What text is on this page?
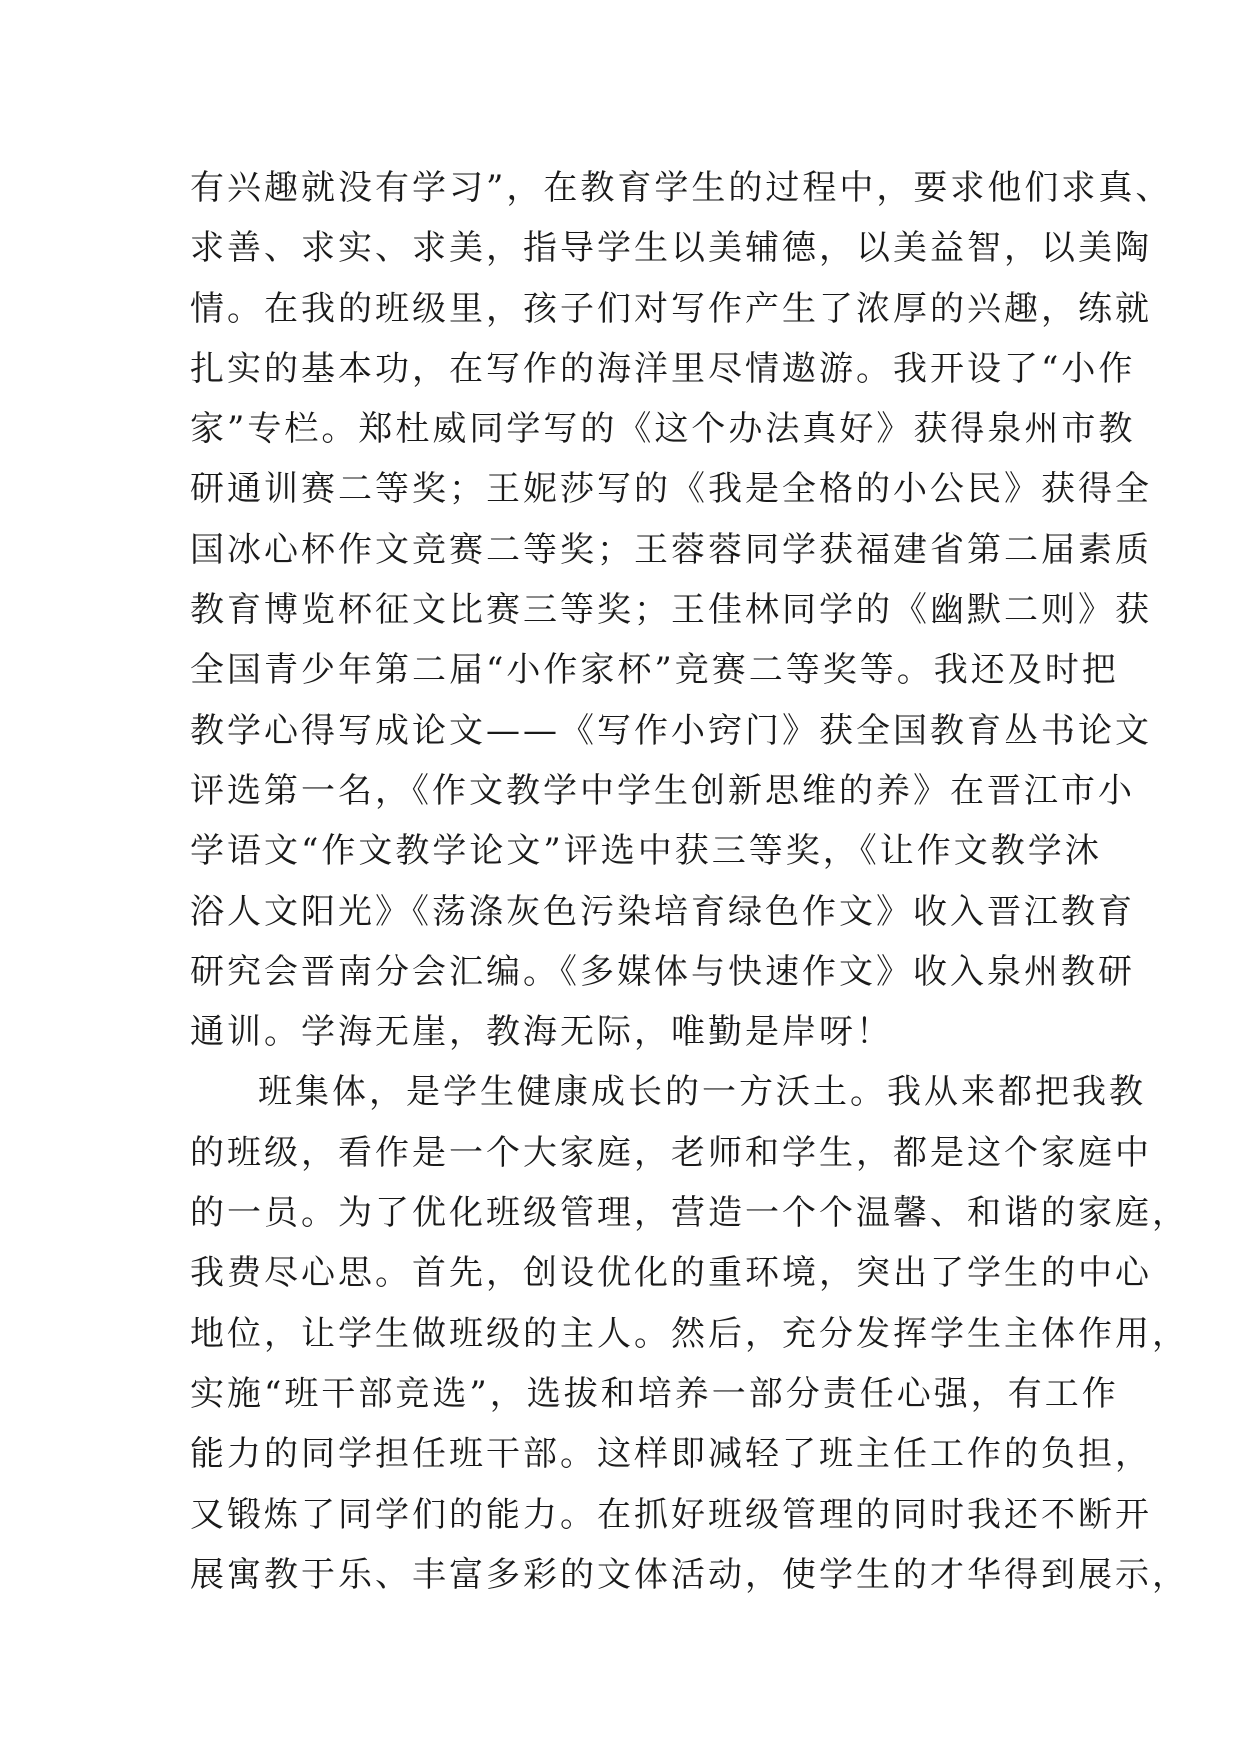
有兴趣就没有学习”，在教育学生的过程中，要求他们求真、
求善、求实、求美，指导学生以美辅德，以美益智，以美陶
情。在我的班级里，孩子们对写作产生了浓厚的兴趣，练就
扎实的基本功，在写作的海洋里尽情遨游。我开设了“小作
家”专栏。郑杜威同学写的《这个办法真好》获得泉州市教
研通训赛二等奖；王妮莎写的《我是全格的小公民》获得全
国冰心杯作文竞赛二等奖；王蓉蓉同学获福建省第二届素质
教育博览杯征文比赛三等奖；王佳林同学的《幽默二则》获
全国青少年第二届“小作家杯”竞赛二等奖等。我还及时把
教学心得写成论文——《写作小窍门》获全国教育丛书论文
评选第一名，《作文教学中学生创新思维的养》在晋江市小
学语文“作文教学论文”评选中获三等奖，《让作文教学沐
浴人文阳光》《荡涤灰色污染培育绿色作文》收入晋江教育
研究会晋南分会汇编。《多媒体与快速作文》收入泉州教研
通训。学海无崖，教海无际，唯勤是岸呀！
班集体，是学生健康成长的一方沃土。我从来都把我教
的班级，看作是一个大家庭，老师和学生，都是这个家庭中
的一员。为了优化班级管理，营造一个个温馨、和谐的家庭，
我费尽心思。首先，创设优化的重环境，突出了学生的中心
地位，让学生做班级的主人。然后，充分发挥学生主体作用，
实施“班干部竞选”，选拔和培养一部分责任心强，有工作
能力的同学担任班干部。这样即减轻了班主任工作的负担，
又锻炼了同学们的能力。在抓好班级管理的同时我还不断开
展寓教于乐、丰富多彩的文体活动，使学生的才华得到展示，
